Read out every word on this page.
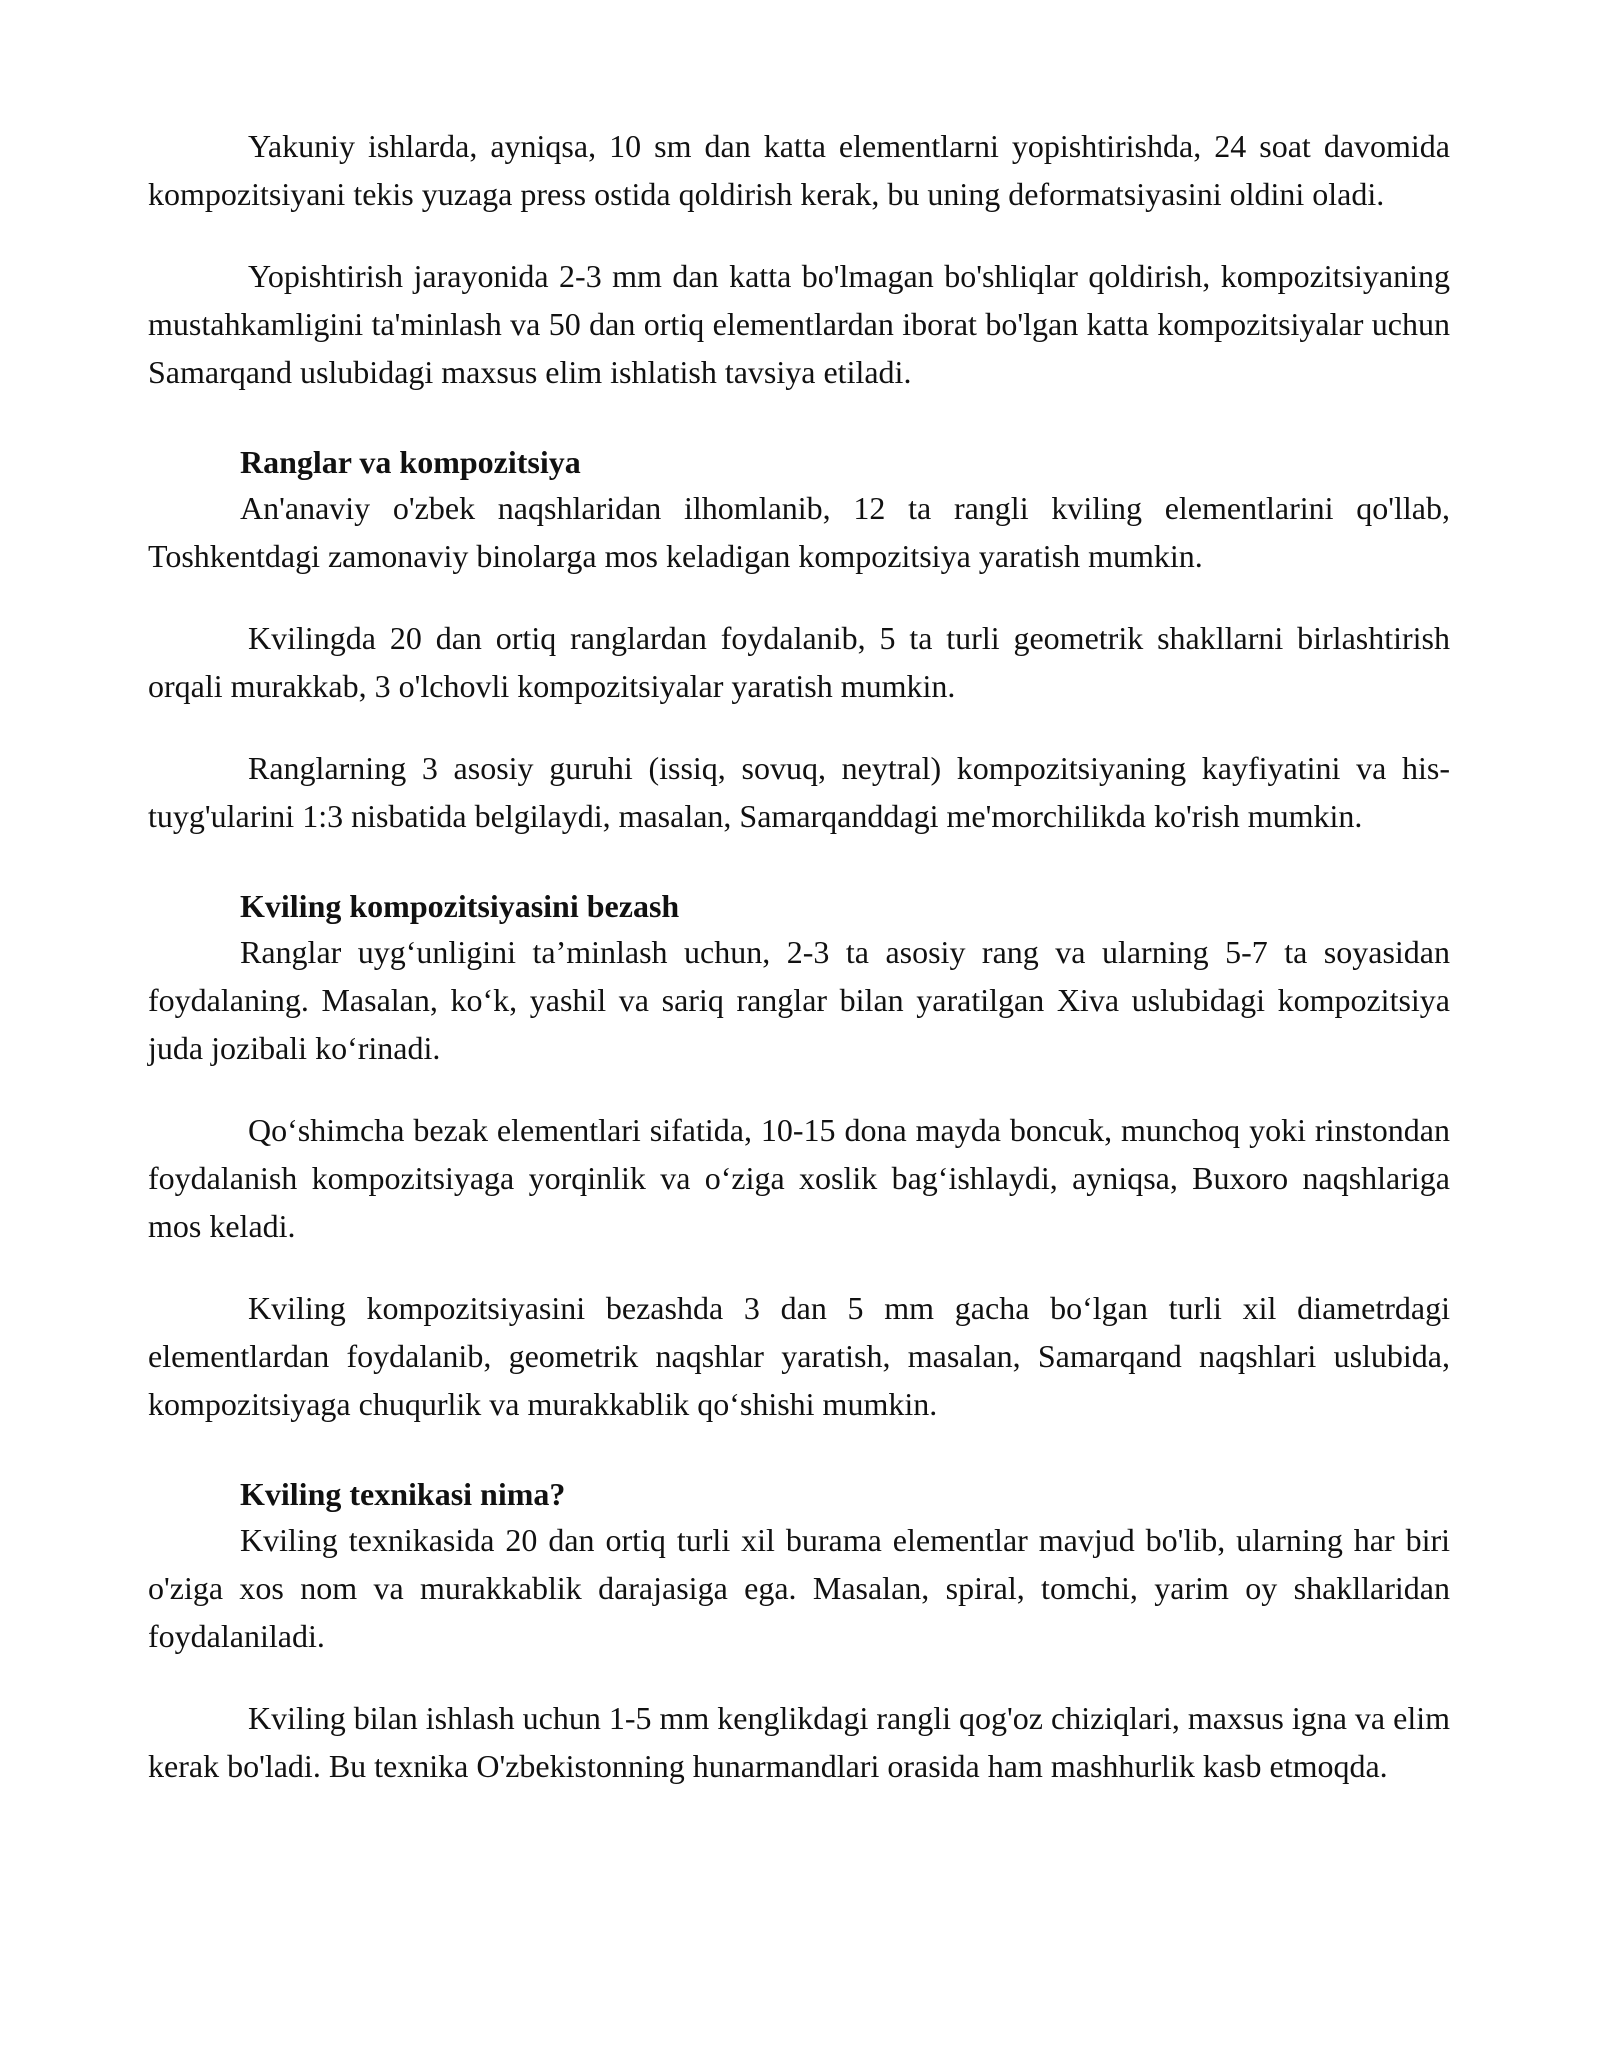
Yakuniy ishlarda, ayniqsa, 10 sm dan katta elementlarni yopishtirishda, 24 soat davomida kompozitsiyani tekis yuzaga press ostida qoldirish kerak, bu uning deformatsiyasini oldini oladi.

Yopishtirish jarayonida 2-3 mm dan katta bo'lmagan bo'shliqlar qoldirish, kompozitsiyaning mustahkamligini ta'minlash va 50 dan ortiq elementlardan iborat bo'lgan katta kompozitsiyalar uchun Samarqand uslubidagi maxsus elim ishlatish tavsiya etiladi.

Ranglar va kompozitsiya

An'anaviy o'zbek naqshlaridan ilhomlanib, 12 ta rangli kviling elementlarini qo'llab, Toshkentdagi zamonaviy binolarga mos keladigan kompozitsiya yaratish mumkin.

Kvilingda 20 dan ortiq ranglardan foydalanib, 5 ta turli geometrik shakllarni birlashtirish orqali murakkab, 3 o'lchovli kompozitsiyalar yaratish mumkin.

Ranglarning 3 asosiy guruhi (issiq, sovuq, neytral) kompozitsiyaning kayfiyatini va his-tuyg'ularini 1:3 nisbatida belgilaydi, masalan, Samarqanddagi me'morchilikda ko'rish mumkin.

Kviling kompozitsiyasini bezash

Ranglar uyg‘unligini ta’minlash uchun, 2-3 ta asosiy rang va ularning 5-7 ta soyasidan foydalaning. Masalan, ko‘k, yashil va sariq ranglar bilan yaratilgan Xiva uslubidagi kompozitsiya juda jozibali ko‘rinadi.

Qo‘shimcha bezak elementlari sifatida, 10-15 dona mayda boncuk, munchoq yoki rinstondan foydalanish kompozitsiyaga yorqinlik va o‘ziga xoslik bag‘ishlaydi, ayniqsa, Buxoro naqshlariga mos keladi.

Kviling kompozitsiyasini bezashda 3 dan 5 mm gacha bo‘lgan turli xil diametrdagi elementlardan foydalanib, geometrik naqshlar yaratish, masalan, Samarqand naqshlari uslubida, kompozitsiyaga chuqurlik va murakkablik qo‘shishi mumkin.

Kviling texnikasi nima?

Kviling texnikasida 20 dan ortiq turli xil burama elementlar mavjud bo'lib, ularning har biri o'ziga xos nom va murakkablik darajasiga ega. Masalan, spiral, tomchi, yarim oy shakllaridan foydalaniladi.

Kviling bilan ishlash uchun 1-5 mm kenglikdagi rangli qog'oz chiziqlari, maxsus igna va elim kerak bo'ladi. Bu texnika O'zbekistonning hunarmandlari orasida ham mashhurlik kasb etmoqda.
